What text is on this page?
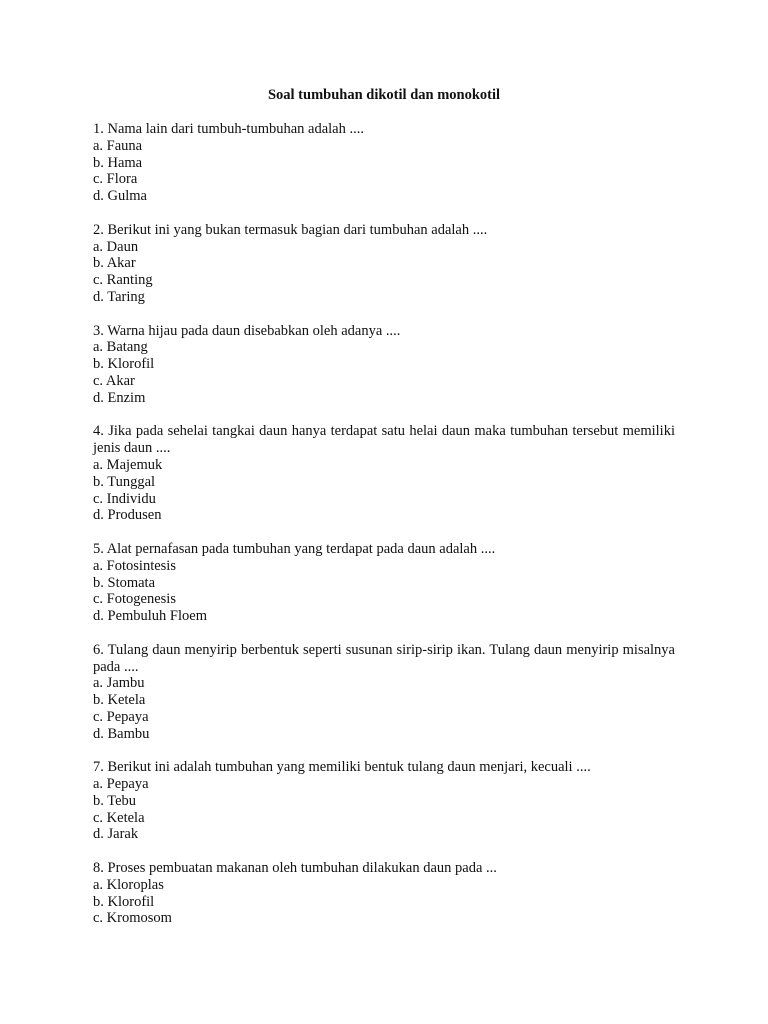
Soal tumbuhan dikotil dan monokotil

1. Nama lain dari tumbuh-tumbuhan adalah ....

a. Fauna

b. Hama

c. Flora

d. Gulma

2. Berikut ini yang bukan termasuk bagian dari tumbuhan adalah ....

a. Daun

b. Akar

c. Ranting

d. Taring

3. Warna hijau pada daun disebabkan oleh adanya ....

a. Batang

b. Klorofil

c. Akar

d. Enzim

4. Jika pada sehelai tangkai daun hanya terdapat satu helai daun maka tumbuhan tersebut memiliki jenis daun ....

a. Majemuk

b. Tunggal

c. Individu

d. Produsen

5. Alat pernafasan pada tumbuhan yang terdapat pada daun adalah ....

a. Fotosintesis

b. Stomata

c. Fotogenesis

d. Pembuluh Floem

6. Tulang daun menyirip berbentuk seperti susunan sirip-sirip ikan. Tulang daun menyirip misalnya pada ....

a. Jambu

b. Ketela

c. Pepaya

d. Bambu

7. Berikut ini adalah tumbuhan yang memiliki bentuk tulang daun menjari, kecuali ....

a. Pepaya

b. Tebu

c. Ketela

d. Jarak

8. Proses pembuatan makanan oleh tumbuhan dilakukan daun pada ...

a. Kloroplas

b. Klorofil

c. Kromosom
